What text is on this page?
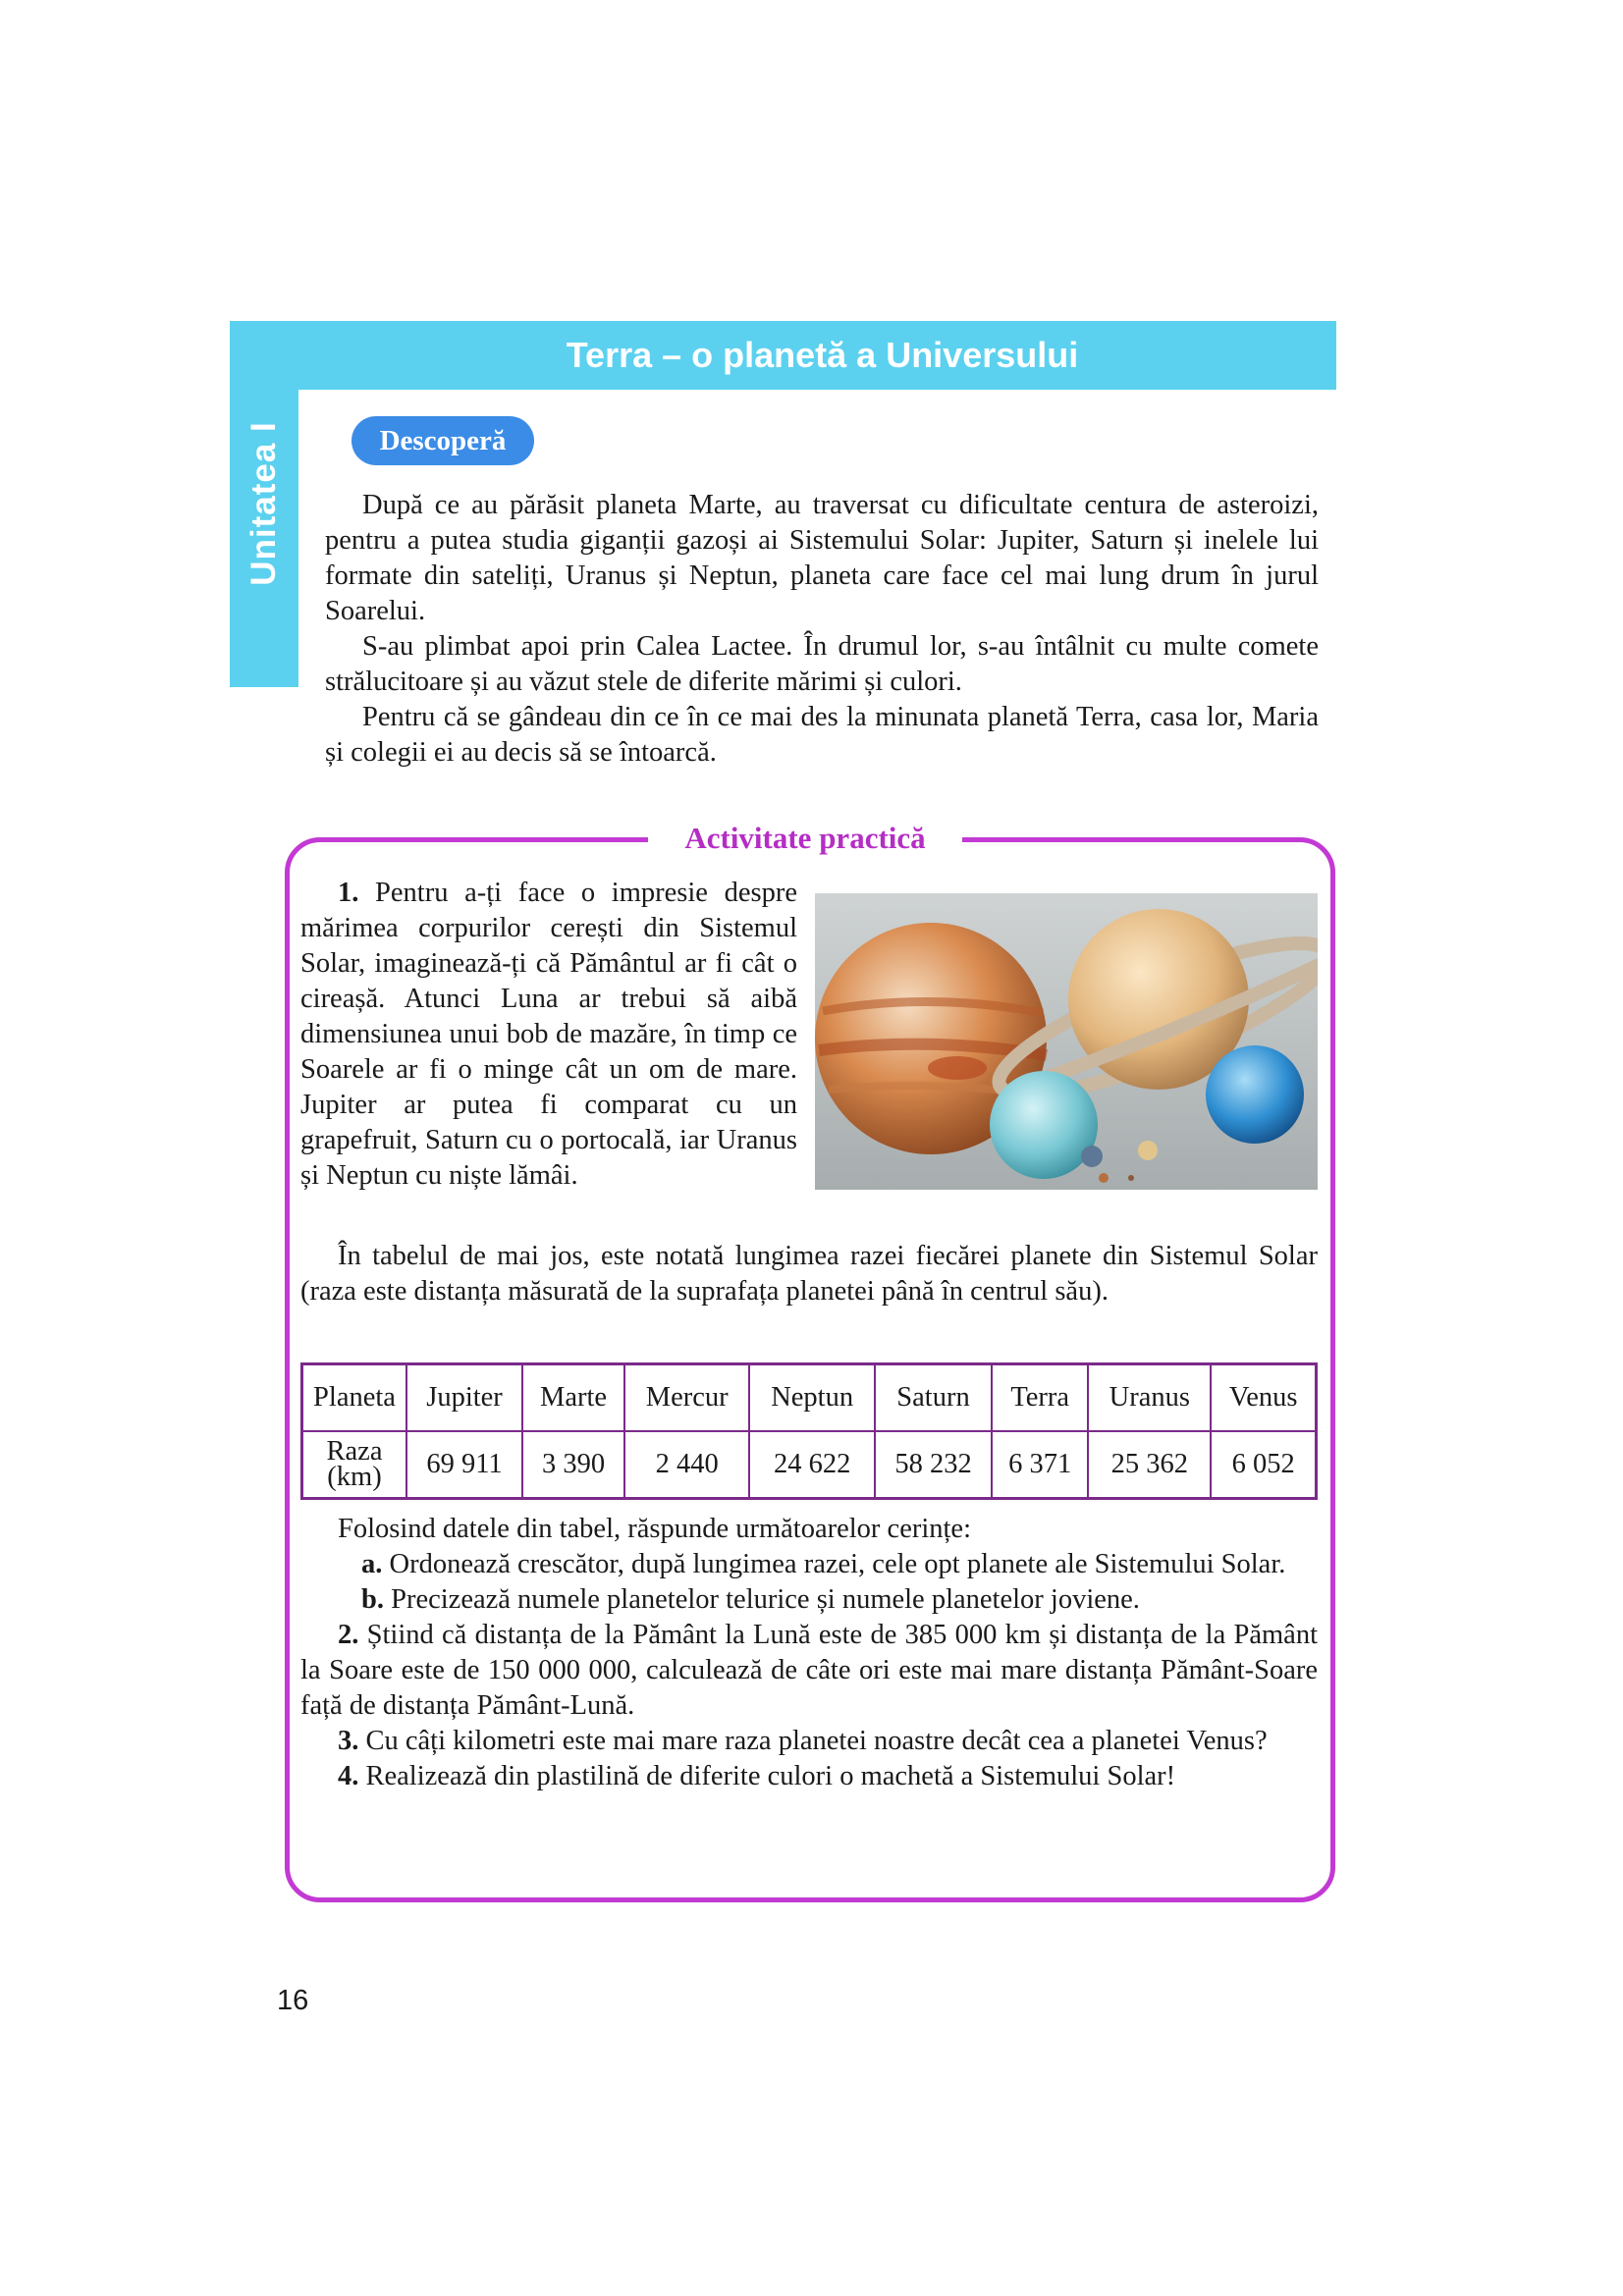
Terra – o planetă a Universului
Unitatea I	Descoperă

După ce au părăsit planeta Marte, au traversat cu dificultate centura de asteroizi, pentru a putea studia giganții gazoși ai Sistemului Solar: Jupiter, Saturn și inelele lui formate din sateliți, Uranus și Neptun, planeta care face cel mai lung drum în jurul Soarelui.

S-au plimbat apoi prin Calea Lactee. În drumul lor, s-au întâlnit cu multe comete strălucitoare și au văzut stele de diferite mărimi și culori.

Pentru că se gândeau din ce în ce mai des la minunata planetă Terra, casa lor, Maria și colegii ei au decis să se întoarcă.

Activitate practică

1. Pentru a-ți face o impresie despre mărimea corpurilor cerești din Sistemul Solar, imaginează-ți că Pământul ar fi cât o cireașă. Atunci Luna ar trebui să aibă dimensiunea unui bob de mazăre, în timp ce Soarele ar fi o minge cât un om de mare. Jupiter ar putea fi comparat cu un grapefruit, Saturn cu o portocală, iar Uranus și Neptun cu niște lămâi.

În tabelul de mai jos, este notată lungimea razei fiecărei planete din Sistemul Solar (raza este distanța măsurată de la suprafața planetei până în centrul său).

Planeta	Jupiter	Marte	Mercur	Neptun	Saturn	Terra	Uranus	Venus
Raza
(km)	69 911	3 390	2 440	24 622	58 232	6 371	25 362	6 052

Folosind datele din tabel, răspunde următoarelor cerințe:

a. Ordonează crescător, după lungimea razei, cele opt planete ale Sistemului Solar.

b. Precizează numele planetelor telurice și numele planetelor joviene.

2. Știind că distanța de la Pământ la Lună este de 385 000 km și distanța de la Pământ la Soare este de 150 000 000, calculează de câte ori este mai mare distanța Pământ-Soare față de distanța Pământ-Lună.

3. Cu câți kilometri este mai mare raza planetei noastre decât cea a planetei Venus?

4. Realizează din plastilină de diferite culori o machetă a Sistemului Solar!

16
